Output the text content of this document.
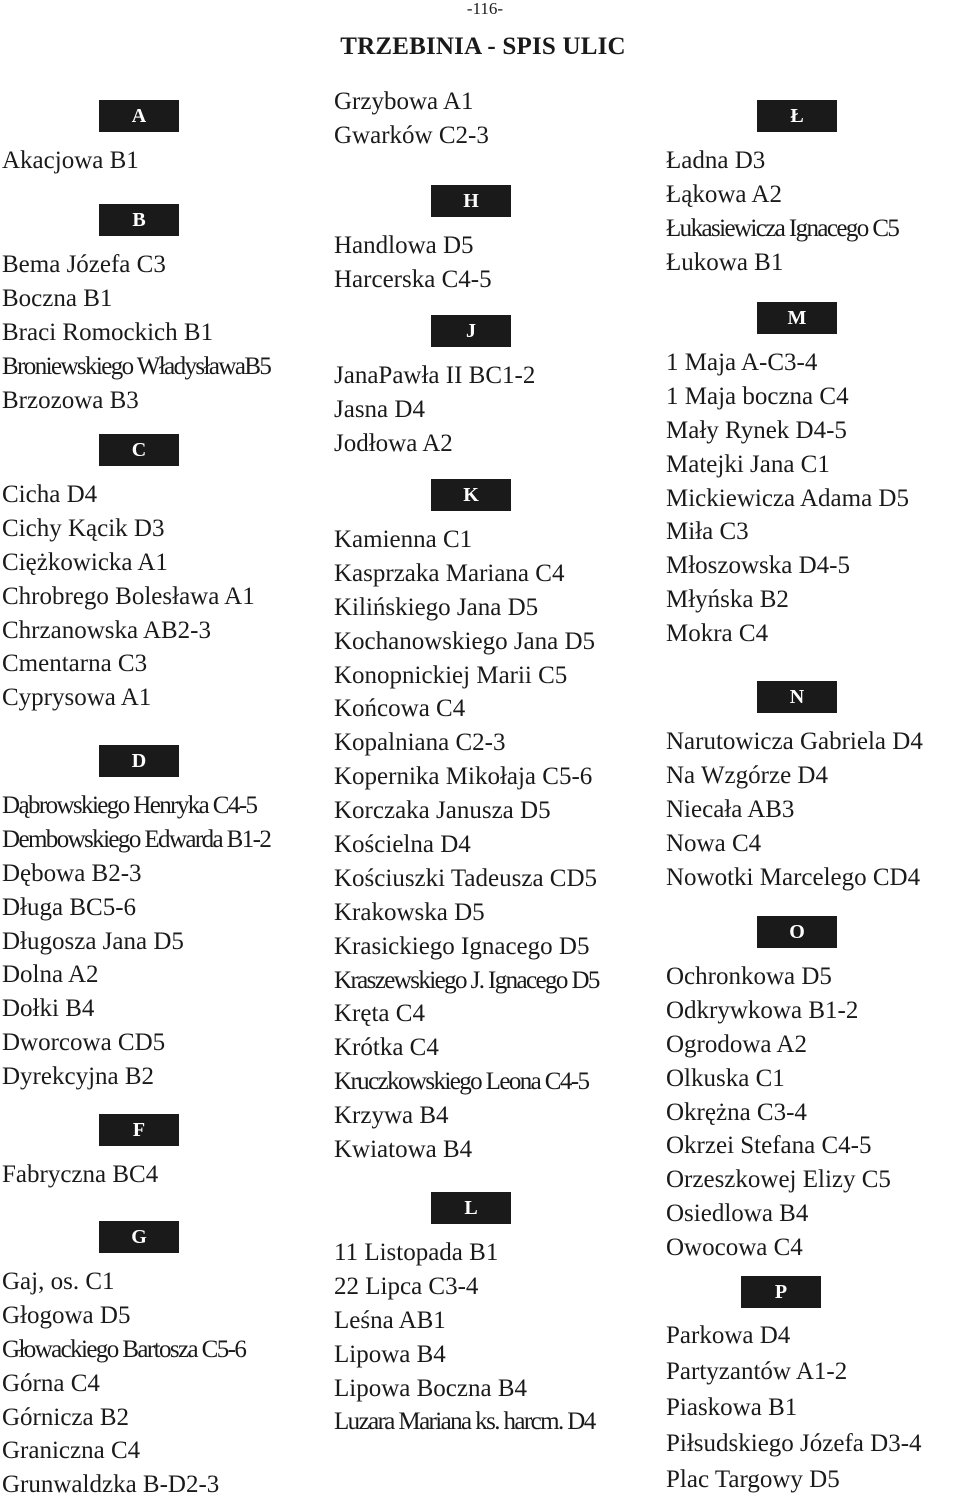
-116-
TRZEBINIA - SPIS ULIC
A
Akacjowa B1
B
Bema Józefa C3
Boczna B1
Braci Romockich B1
Broniewskiego WładysławaB5
Brzozowa B3
C
Cicha D4
Cichy Kącik D3
Ciężkowicka A1
Chrobrego Bolesława A1
Chrzanowska AB2-3
Cmentarna C3
Cyprysowa A1
D
Dąbrowskiego Henryka C4-5
Dembowskiego Edwarda B1-2
Dębowa B2-3
Długa BC5-6
Długosza Jana D5
Dolna A2
Dołki B4
Dworcowa CD5
Dyrekcyjna B2
F
Fabryczna BC4
G
Gaj, os. C1
Głogowa D5
Głowackiego Bartosza C5-6
Górna C4
Górnicza B2
Graniczna C4
Grunwaldzka B-D2-3
Grzybowa A1
Gwarków C2-3
H
Handlowa D5
Harcerska C4-5
J
JanaPawła II BC1-2
Jasna D4
Jodłowa A2
K
Kamienna C1
Kasprzaka Mariana C4
Kilińskiego Jana D5
Kochanowskiego Jana D5
Konopnickiej Marii C5
Końcowa C4
Kopalniana C2-3
Kopernika Mikołaja C5-6
Korczaka Janusza D5
Kościelna D4
Kościuszki Tadeusza CD5
Krakowska D5
Krasickiego Ignacego D5
Kraszewskiego J. Ignacego D5
Kręta C4
Krótka C4
Kruczkowskiego Leona C4-5
Krzywa B4
Kwiatowa B4
L
11 Listopada B1
22 Lipca C3-4
Leśna AB1
Lipowa B4
Lipowa Boczna B4
Luzara Mariana ks. harcm. D4
Ł
Ładna D3
Łąkowa A2
Łukasiewicza Ignacego C5
Łukowa B1
M
1 Maja A-C3-4
1 Maja boczna C4
Mały Rynek D4-5
Matejki Jana C1
Mickiewicza Adama D5
Miła C3
Młoszowska D4-5
Młyńska B2
Mokra C4
N
Narutowicza Gabriela D4
Na Wzgórze D4
Niecała AB3
Nowa C4
Nowotki Marcelego CD4
O
Ochronkowa D5
Odkrywkowa B1-2
Ogrodowa A2
Olkuska C1
Okrężna C3-4
Okrzei Stefana C4-5
Orzeszkowej Elizy C5
Osiedlowa B4
Owocowa C4
P
Parkowa D4
Partyzantów A1-2
Piaskowa B1
Piłsudskiego Józefa D3-4
Plac Targowy D5
